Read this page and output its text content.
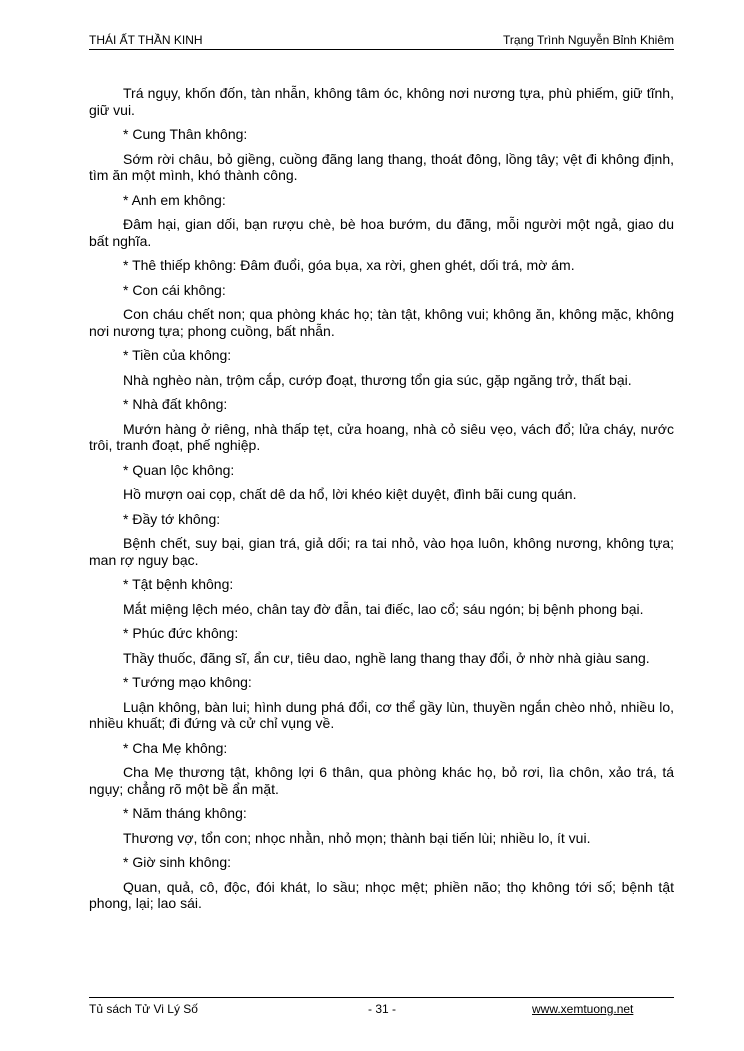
THÁI ẤT THẦN KINH	Trạng Trình Nguyễn Bỉnh Khiêm

Trá ngụy, khốn đốn, tàn nhẫn, không tâm óc, không nơi nương tựa, phù phiếm, giữ tĩnh, giữ vui.

* Cung Thân không:

Sớm rời châu, bỏ giềng, cuồng đãng lang thang, thoát đông, lồng tây; vệt đi không định, tìm ăn một mình, khó thành công.

* Anh em không:

Đâm hại, gian dối, bạn rượu chè, bè hoa bướm, du đãng, mỗi người một ngả, giao du bất nghĩa.

* Thê thiếp không: Đâm đuổi, góa bụa, xa rời, ghen ghét, dối trá, mờ ám.

* Con cái không:

Con cháu chết non; qua phòng khác họ; tàn tật, không vui; không ăn, không mặc, không nơi nương tựa; phong cuồng, bất nhẫn.

* Tiền của không:

Nhà nghèo nàn, trộm cắp, cướp đoạt, thương tổn gia súc, gặp ngăng trở, thất bại.

* Nhà đất không:

Mướn hàng ở riêng, nhà thấp tẹt, cửa hoang, nhà cỏ siêu vẹo, vách đổ; lửa cháy, nước trôi, tranh đoạt, phế nghiệp.

* Quan lộc không:

Hồ mượn oai cọp, chất dê da hổ, lời khéo kiệt duyệt, đình bãi cung quán.

* Đầy tớ không:

Bệnh chết, suy bại, gian trá, giả dối; ra tai nhỏ, vào họa luôn, không nương, không tựa; man rợ nguy bạc.

* Tật bệnh không:

Mắt miệng lệch méo, chân tay đờ đẫn, tai điếc, lao cổ; sáu ngón; bị bệnh phong bại.

* Phúc đức không:

Thầy thuốc, đãng sĩ, ẩn cư, tiêu dao, nghề lang thang thay đổi, ở nhờ nhà giàu sang.

* Tướng mạo không:

Luận không, bàn lui; hình dung phá đổi, cơ thể gầy lùn, thuyền ngắn chèo nhỏ, nhiều lo, nhiều khuất; đi đứng và cử chỉ vụng về.

* Cha Mẹ không:

Cha Mẹ thương tật, không lợi 6 thân, qua phòng khác họ, bỏ rơi, lìa chôn, xảo trá, tá ngụy; chẳng rõ một bề ẩn mặt.

* Năm tháng không:

Thương vợ, tổn con; nhọc nhằn, nhỏ mọn; thành bại tiến lùi; nhiều lo, ít vui.

* Giờ sinh không:

Quan, quả, cô, độc, đói khát, lo sầu; nhọc mệt; phiền não; thọ không tới số; bệnh tật phong, lại; lao sái.

Tủ sách Tử Vi Lý Số	- 31 -	www.xemtuong.net
